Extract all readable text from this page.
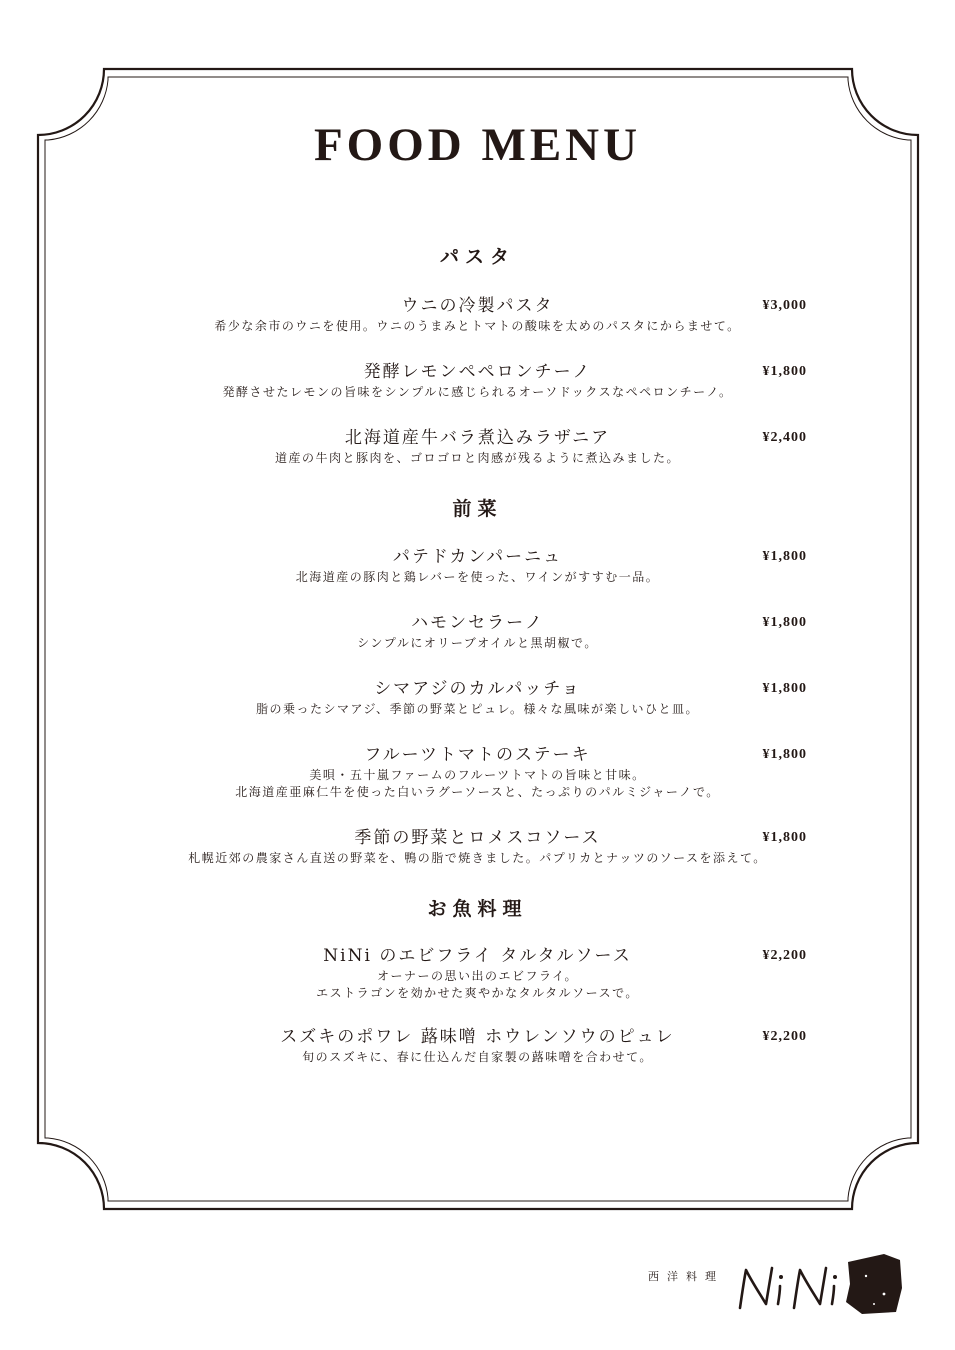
FOOD MENU
パスタ
ウニの冷製パスタ	¥3,000
希少な余市のウニを使用。ウニのうまみとトマトの酸味を太めのパスタにからませて。
発酵レモンペペロンチーノ	¥1,800
発酵させたレモンの旨味をシンプルに感じられるオーソドックスなペペロンチーノ。
北海道産牛バラ煮込みラザニア	¥2,400
道産の牛肉と豚肉を、ゴロゴロと肉感が残るように煮込みました。
前菜
パテドカンパーニュ	¥1,800
北海道産の豚肉と鶏レバーを使った、ワインがすすむ一品。
ハモンセラーノ	¥1,800
シンプルにオリーブオイルと黒胡椒で。
シマアジのカルパッチョ	¥1,800
脂の乗ったシマアジ、季節の野菜とピュレ。様々な風味が楽しいひと皿。
フルーツトマトのステーキ	¥1,800
美唄・五十嵐ファームのフルーツトマトの旨味と甘味。
北海道産亜麻仁牛を使った白いラグーソースと、たっぷりのパルミジャーノで。
季節の野菜とロメスコソース	¥1,800
札幌近郊の農家さん直送の野菜を、鴨の脂で焼きました。パプリカとナッツのソースを添えて。
お魚料理
NiNi のエビフライ タルタルソース	¥2,200
オーナーの思い出のエビフライ。
エストラゴンを効かせた爽やかなタルタルソースで。
スズキのポワレ 蕗味噌 ホウレンソウのピュレ	¥2,200
旬のスズキに、春に仕込んだ自家製の蕗味噌を合わせて。
西洋料理
